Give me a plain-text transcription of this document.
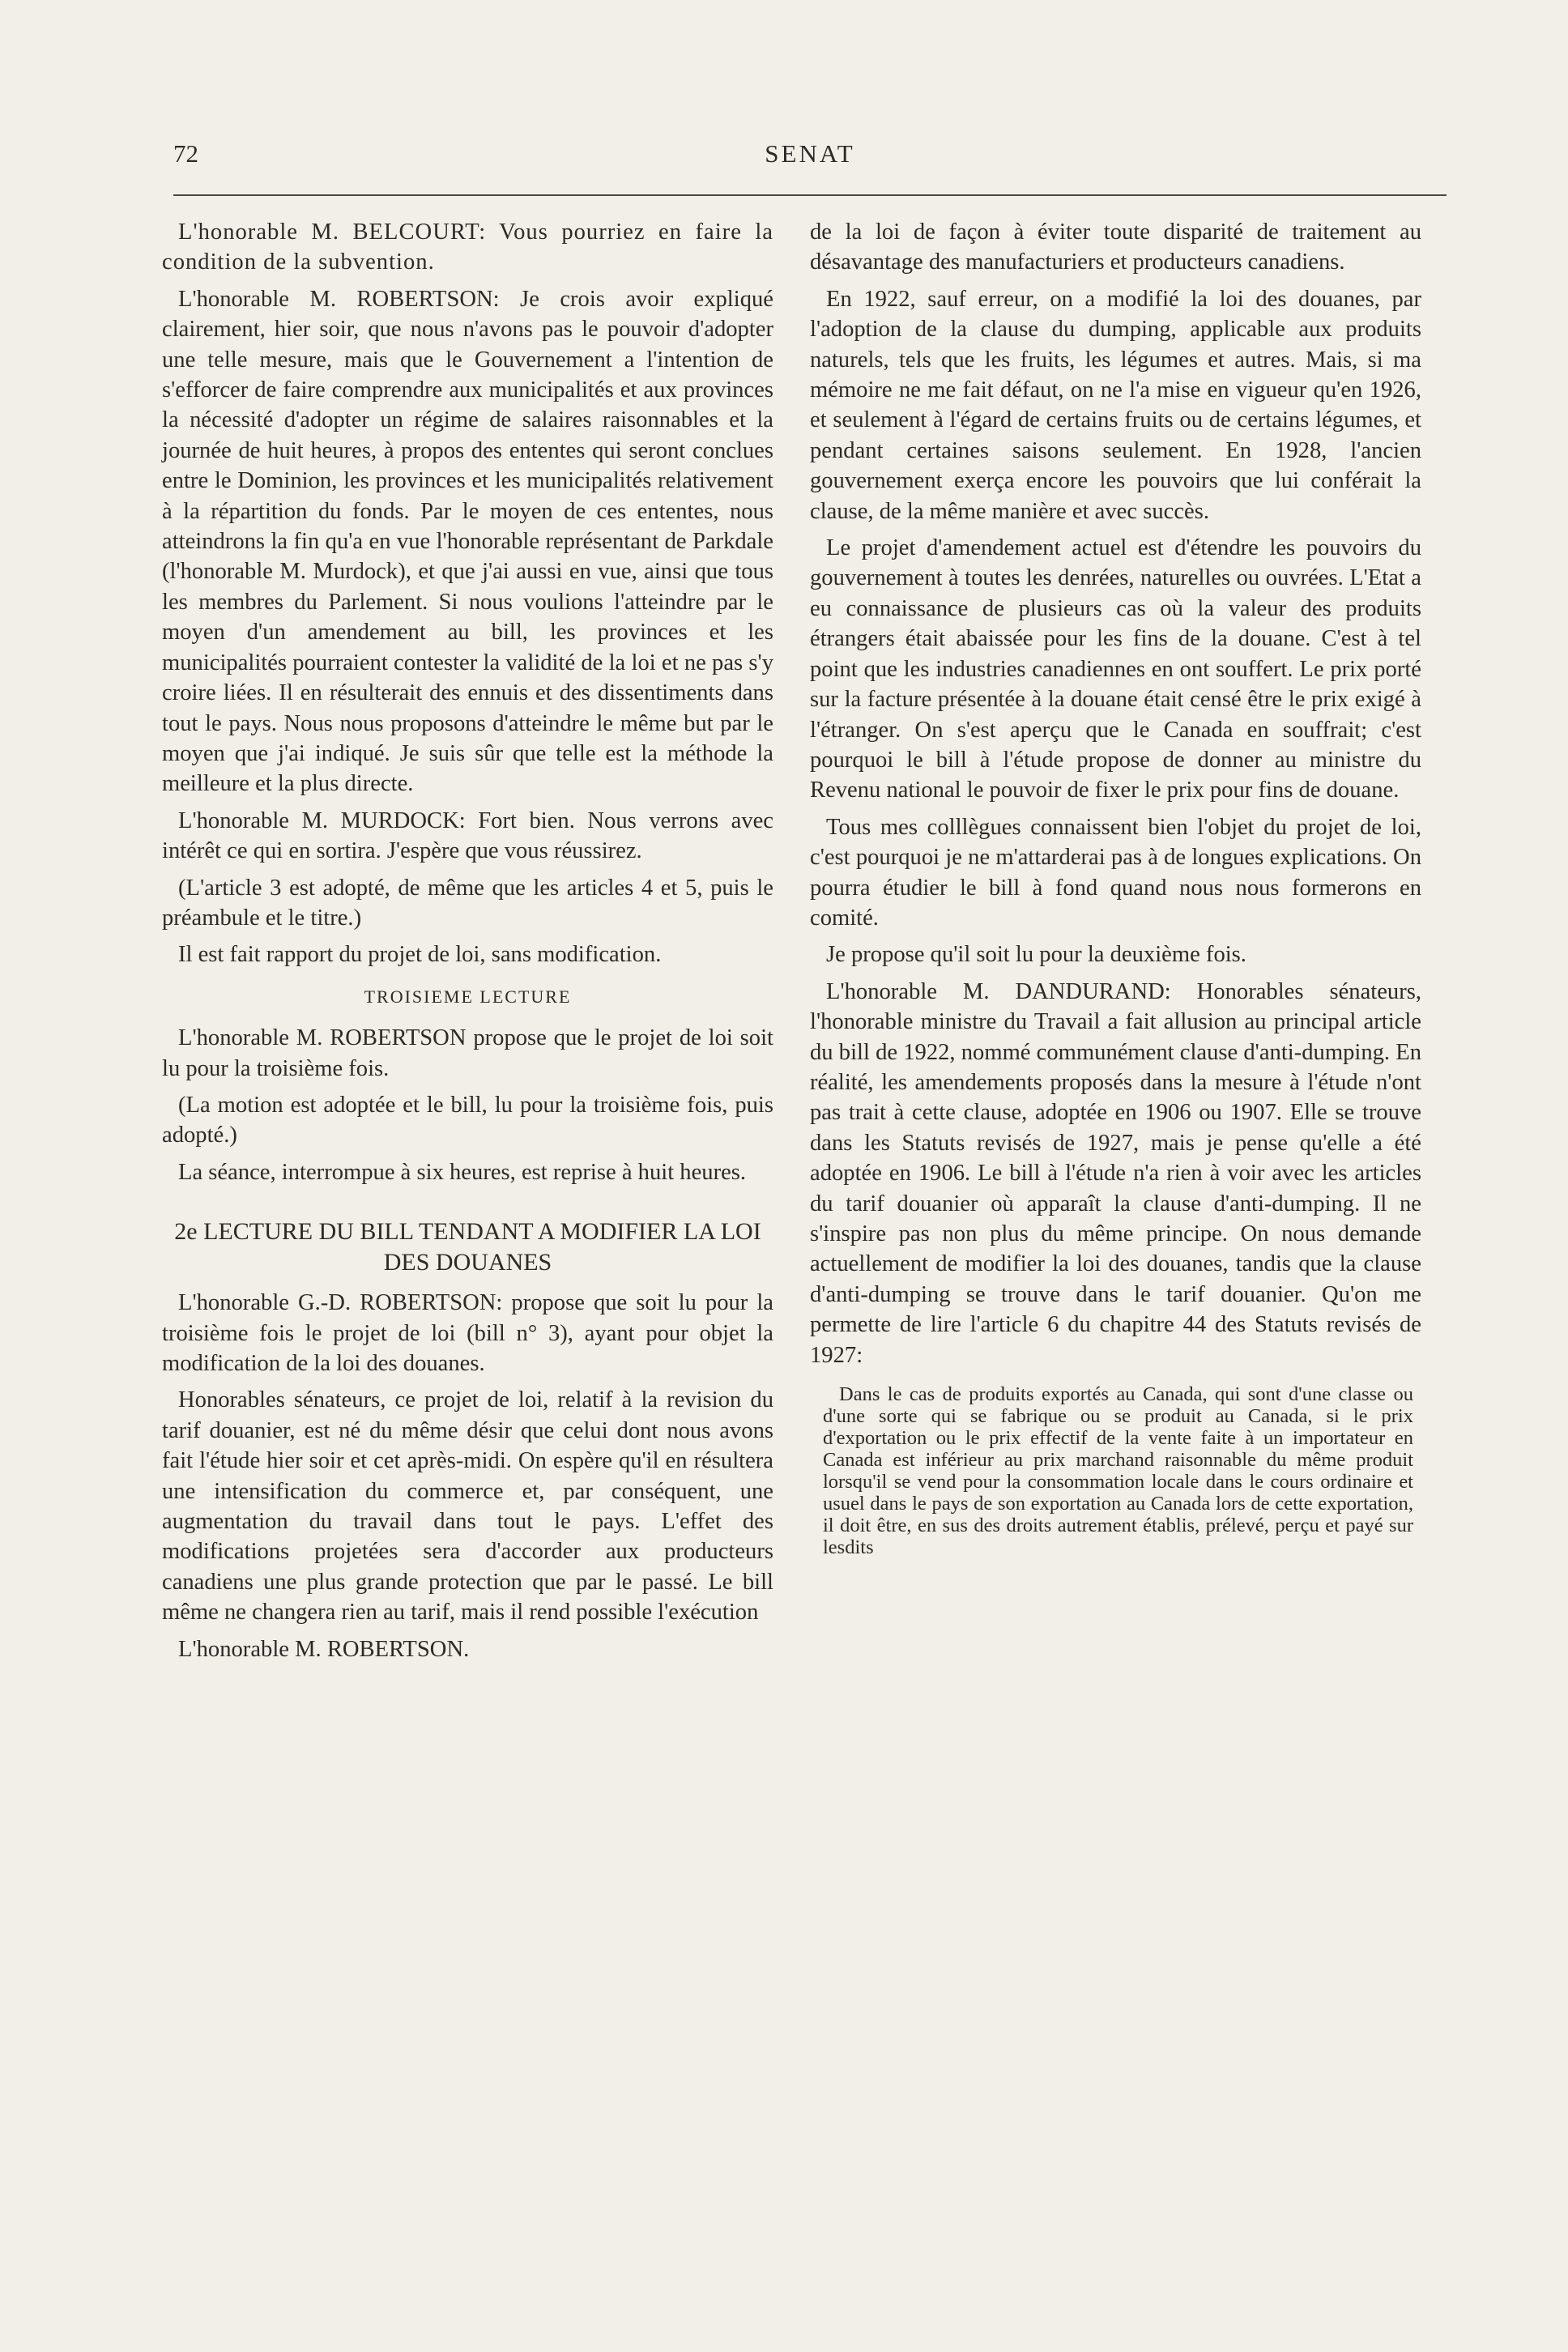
72	SENAT

L'honorable M. BELCOURT: Vous pourriez en faire la condition de la subvention.

L'honorable M. ROBERTSON: Je crois avoir expliqué clairement, hier soir, que nous n'avons pas le pouvoir d'adopter une telle mesure, mais que le Gouvernement a l'intention de s'efforcer de faire comprendre aux municipalités et aux provinces la nécessité d'adopter un régime de salaires raisonnables et la journée de huit heures, à propos des ententes qui seront conclues entre le Dominion, les provinces et les municipalités relativement à la répartition du fonds. Par le moyen de ces ententes, nous atteindrons la fin qu'a en vue l'honorable représentant de Parkdale (l'honorable M. Murdock), et que j'ai aussi en vue, ainsi que tous les membres du Parlement. Si nous voulions l'atteindre par le moyen d'un amendement au bill, les provinces et les municipalités pourraient contester la validité de la loi et ne pas s'y croire liées. Il en résulterait des ennuis et des dissentiments dans tout le pays. Nous nous proposons d'atteindre le même but par le moyen que j'ai indiqué. Je suis sûr que telle est la méthode la meilleure et la plus directe.

L'honorable M. MURDOCK: Fort bien. Nous verrons avec intérêt ce qui en sortira. J'espère que vous réussirez.

(L'article 3 est adopté, de même que les articles 4 et 5, puis le préambule et le titre.)

Il est fait rapport du projet de loi, sans modification.

TROISIEME LECTURE

L'honorable M. ROBERTSON propose que le projet de loi soit lu pour la troisième fois.

(La motion est adoptée et le bill, lu pour la troisième fois, puis adopté.)

La séance, interrompue à six heures, est reprise à huit heures.

2e LECTURE DU BILL TENDANT A MODIFIER LA LOI DES DOUANES

L'honorable G.-D. ROBERTSON: propose que soit lu pour la troisième fois le projet de loi (bill n° 3), ayant pour objet la modification de la loi des douanes.

Honorables sénateurs, ce projet de loi, relatif à la revision du tarif douanier, est né du même désir que celui dont nous avons fait l'étude hier soir et cet après-midi. On espère qu'il en résultera une intensification du commerce et, par conséquent, une augmentation du travail dans tout le pays. L'effet des modifications projetées sera d'accorder aux producteurs canadiens une plus grande protection que par le passé. Le bill même ne changera rien au tarif, mais il rend possible l'exécution

L'honorable M. ROBERTSON.

de la loi de façon à éviter toute disparité de traitement au désavantage des manufacturiers et producteurs canadiens.

En 1922, sauf erreur, on a modifié la loi des douanes, par l'adoption de la clause du dumping, applicable aux produits naturels, tels que les fruits, les légumes et autres. Mais, si ma mémoire ne me fait défaut, on ne l'a mise en vigueur qu'en 1926, et seulement à l'égard de certains fruits ou de certains légumes, et pendant certaines saisons seulement. En 1928, l'ancien gouvernement exerça encore les pouvoirs que lui conférait la clause, de la même manière et avec succès.

Le projet d'amendement actuel est d'étendre les pouvoirs du gouvernement à toutes les denrées, naturelles ou ouvrées. L'Etat a eu connaissance de plusieurs cas où la valeur des produits étrangers était abaissée pour les fins de la douane. C'est à tel point que les industries canadiennes en ont souffert. Le prix porté sur la facture présentée à la douane était censé être le prix exigé à l'étranger. On s'est aperçu que le Canada en souffrait; c'est pourquoi le bill à l'étude propose de donner au ministre du Revenu national le pouvoir de fixer le prix pour fins de douane.

Tous mes colllègues connaissent bien l'objet du projet de loi, c'est pourquoi je ne m'attarderai pas à de longues explications. On pourra étudier le bill à fond quand nous nous formerons en comité.

Je propose qu'il soit lu pour la deuxième fois.

L'honorable M. DANDURAND: Honorables sénateurs, l'honorable ministre du Travail a fait allusion au principal article du bill de 1922, nommé communément clause d'anti-dumping. En réalité, les amendements proposés dans la mesure à l'étude n'ont pas trait à cette clause, adoptée en 1906 ou 1907. Elle se trouve dans les Statuts revisés de 1927, mais je pense qu'elle a été adoptée en 1906. Le bill à l'étude n'a rien à voir avec les articles du tarif douanier où apparaît la clause d'anti-dumping. Il ne s'inspire pas non plus du même principe. On nous demande actuellement de modifier la loi des douanes, tandis que la clause d'anti-dumping se trouve dans le tarif douanier. Qu'on me permette de lire l'article 6 du chapitre 44 des Statuts revisés de 1927:

Dans le cas de produits exportés au Canada, qui sont d'une classe ou d'une sorte qui se fabrique ou se produit au Canada, si le prix d'exportation ou le prix effectif de la vente faite à un importateur en Canada est inférieur au prix marchand raisonnable du même produit lorsqu'il se vend pour la consommation locale dans le cours ordinaire et usuel dans le pays de son exportation au Canada lors de cette exportation, il doit être, en sus des droits autrement établis, prélevé, perçu et payé sur lesdits
